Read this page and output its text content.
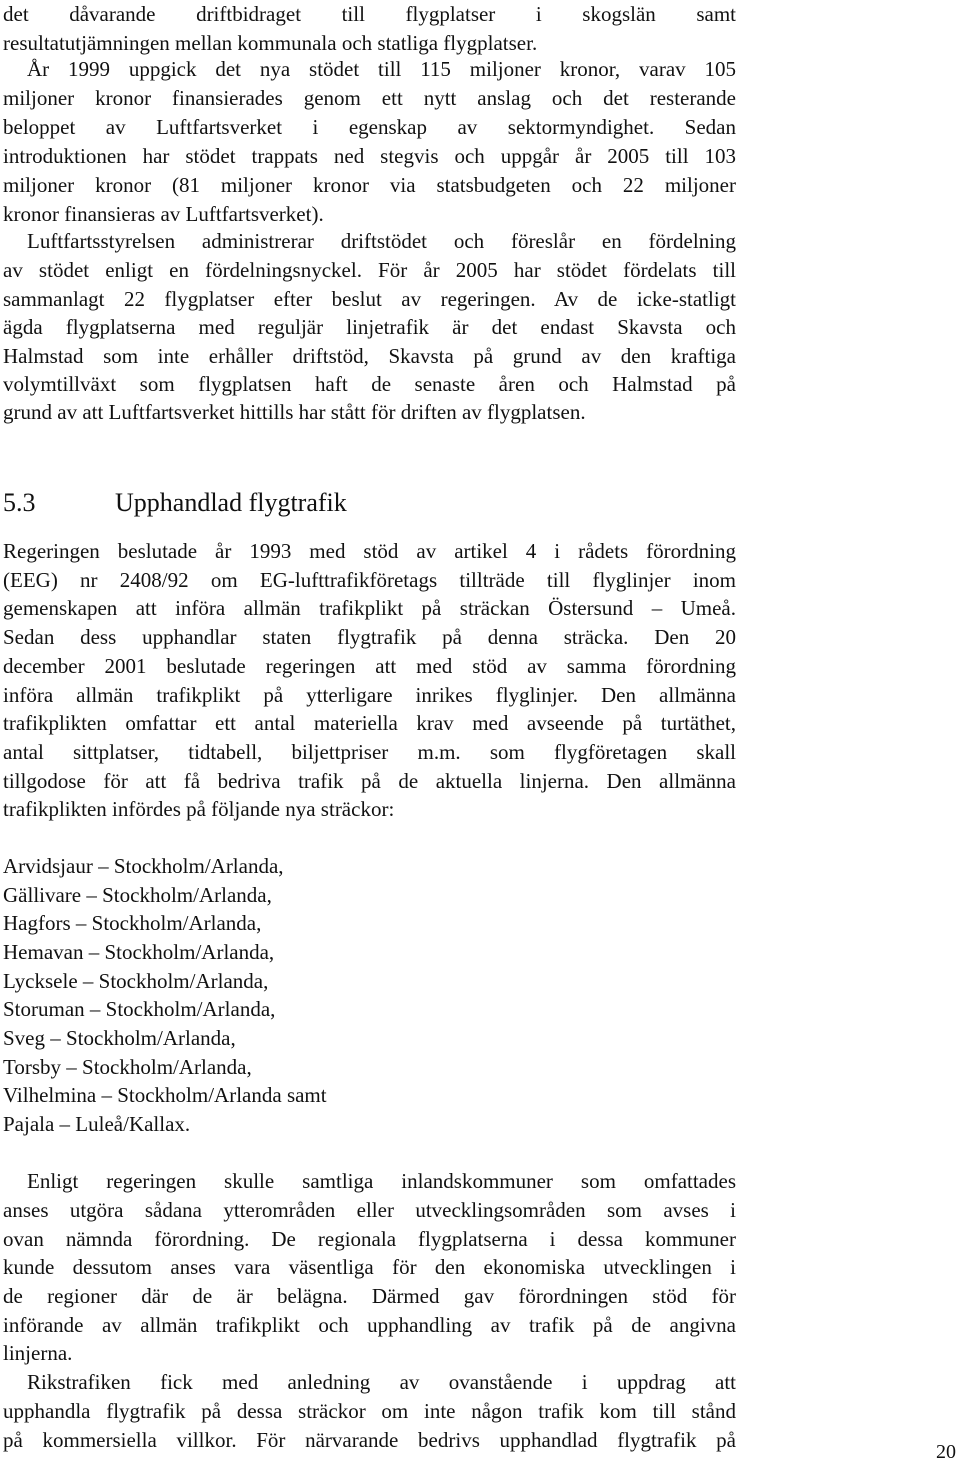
det dåvarande driftbidraget till flygplatser i skogslän samt
resultatutjämningen mellan kommunala och statliga flygplatser.
År 1999 uppgick det nya stödet till 115 miljoner kronor, varav 105
miljoner kronor finansierades genom ett nytt anslag och det resterande
beloppet av Luftfartsverket i egenskap av sektormyndighet. Sedan
introduktionen har stödet trappats ned stegvis och uppgår år 2005 till 103
miljoner kronor (81 miljoner kronor via statsbudgeten och 22 miljoner
kronor finansieras av Luftfartsverket).
Luftfartsstyrelsen administrerar driftstödet och föreslår en fördelning
av stödet enligt en fördelningsnyckel. För år 2005 har stödet fördelats till
sammanlagt 22 flygplatser efter beslut av regeringen. Av de icke-statligt
ägda flygplatserna med reguljär linjetrafik är det endast Skavsta och
Halmstad som inte erhåller driftstöd, Skavsta på grund av den kraftiga
volymtillväxt som flygplatsen haft de senaste åren och Halmstad på
grund av att Luftfartsverket hittills har stått för driften av flygplatsen.
5.3	Upphandlad flygtrafik
Regeringen beslutade år 1993 med stöd av artikel 4 i rådets förordning
(EEG) nr 2408/92 om EG-lufttrafikföretags tillträde till flyglinjer inom
gemenskapen att införa allmän trafikplikt på sträckan Östersund – Umeå.
Sedan dess upphandlar staten flygtrafik på denna sträcka. Den 20
december 2001 beslutade regeringen att med stöd av samma förordning
införa allmän trafikplikt på ytterligare inrikes flyglinjer. Den allmänna
trafikplikten omfattar ett antal materiella krav med avseende på turtäthet,
antal sittplatser, tidtabell, biljettpriser m.m. som flygföretagen skall
tillgodose för att få bedriva trafik på de aktuella linjerna. Den allmänna
trafikplikten infördes på följande nya sträckor:
Arvidsjaur – Stockholm/Arlanda,
Gällivare – Stockholm/Arlanda,
Hagfors – Stockholm/Arlanda,
Hemavan – Stockholm/Arlanda,
Lycksele – Stockholm/Arlanda,
Storuman – Stockholm/Arlanda,
Sveg – Stockholm/Arlanda,
Torsby – Stockholm/Arlanda,
Vilhelmina – Stockholm/Arlanda samt
Pajala – Luleå/Kallax.
Enligt regeringen skulle samtliga inlandskommuner som omfattades
anses utgöra sådana ytterområden eller utvecklingsområden som avses i
ovan nämnda förordning. De regionala flygplatserna i dessa kommuner
kunde dessutom anses vara väsentliga för den ekonomiska utvecklingen i
de regioner där de är belägna. Därmed gav förordningen stöd för
införande av allmän trafikplikt och upphandling av trafik på de angivna
linjerna.
Rikstrafiken fick med anledning av ovanstående i uppdrag att
upphandla flygtrafik på dessa sträckor om inte någon trafik kom till stånd
på kommersiella villkor. För närvarande bedrivs upphandlad flygtrafik på	20
